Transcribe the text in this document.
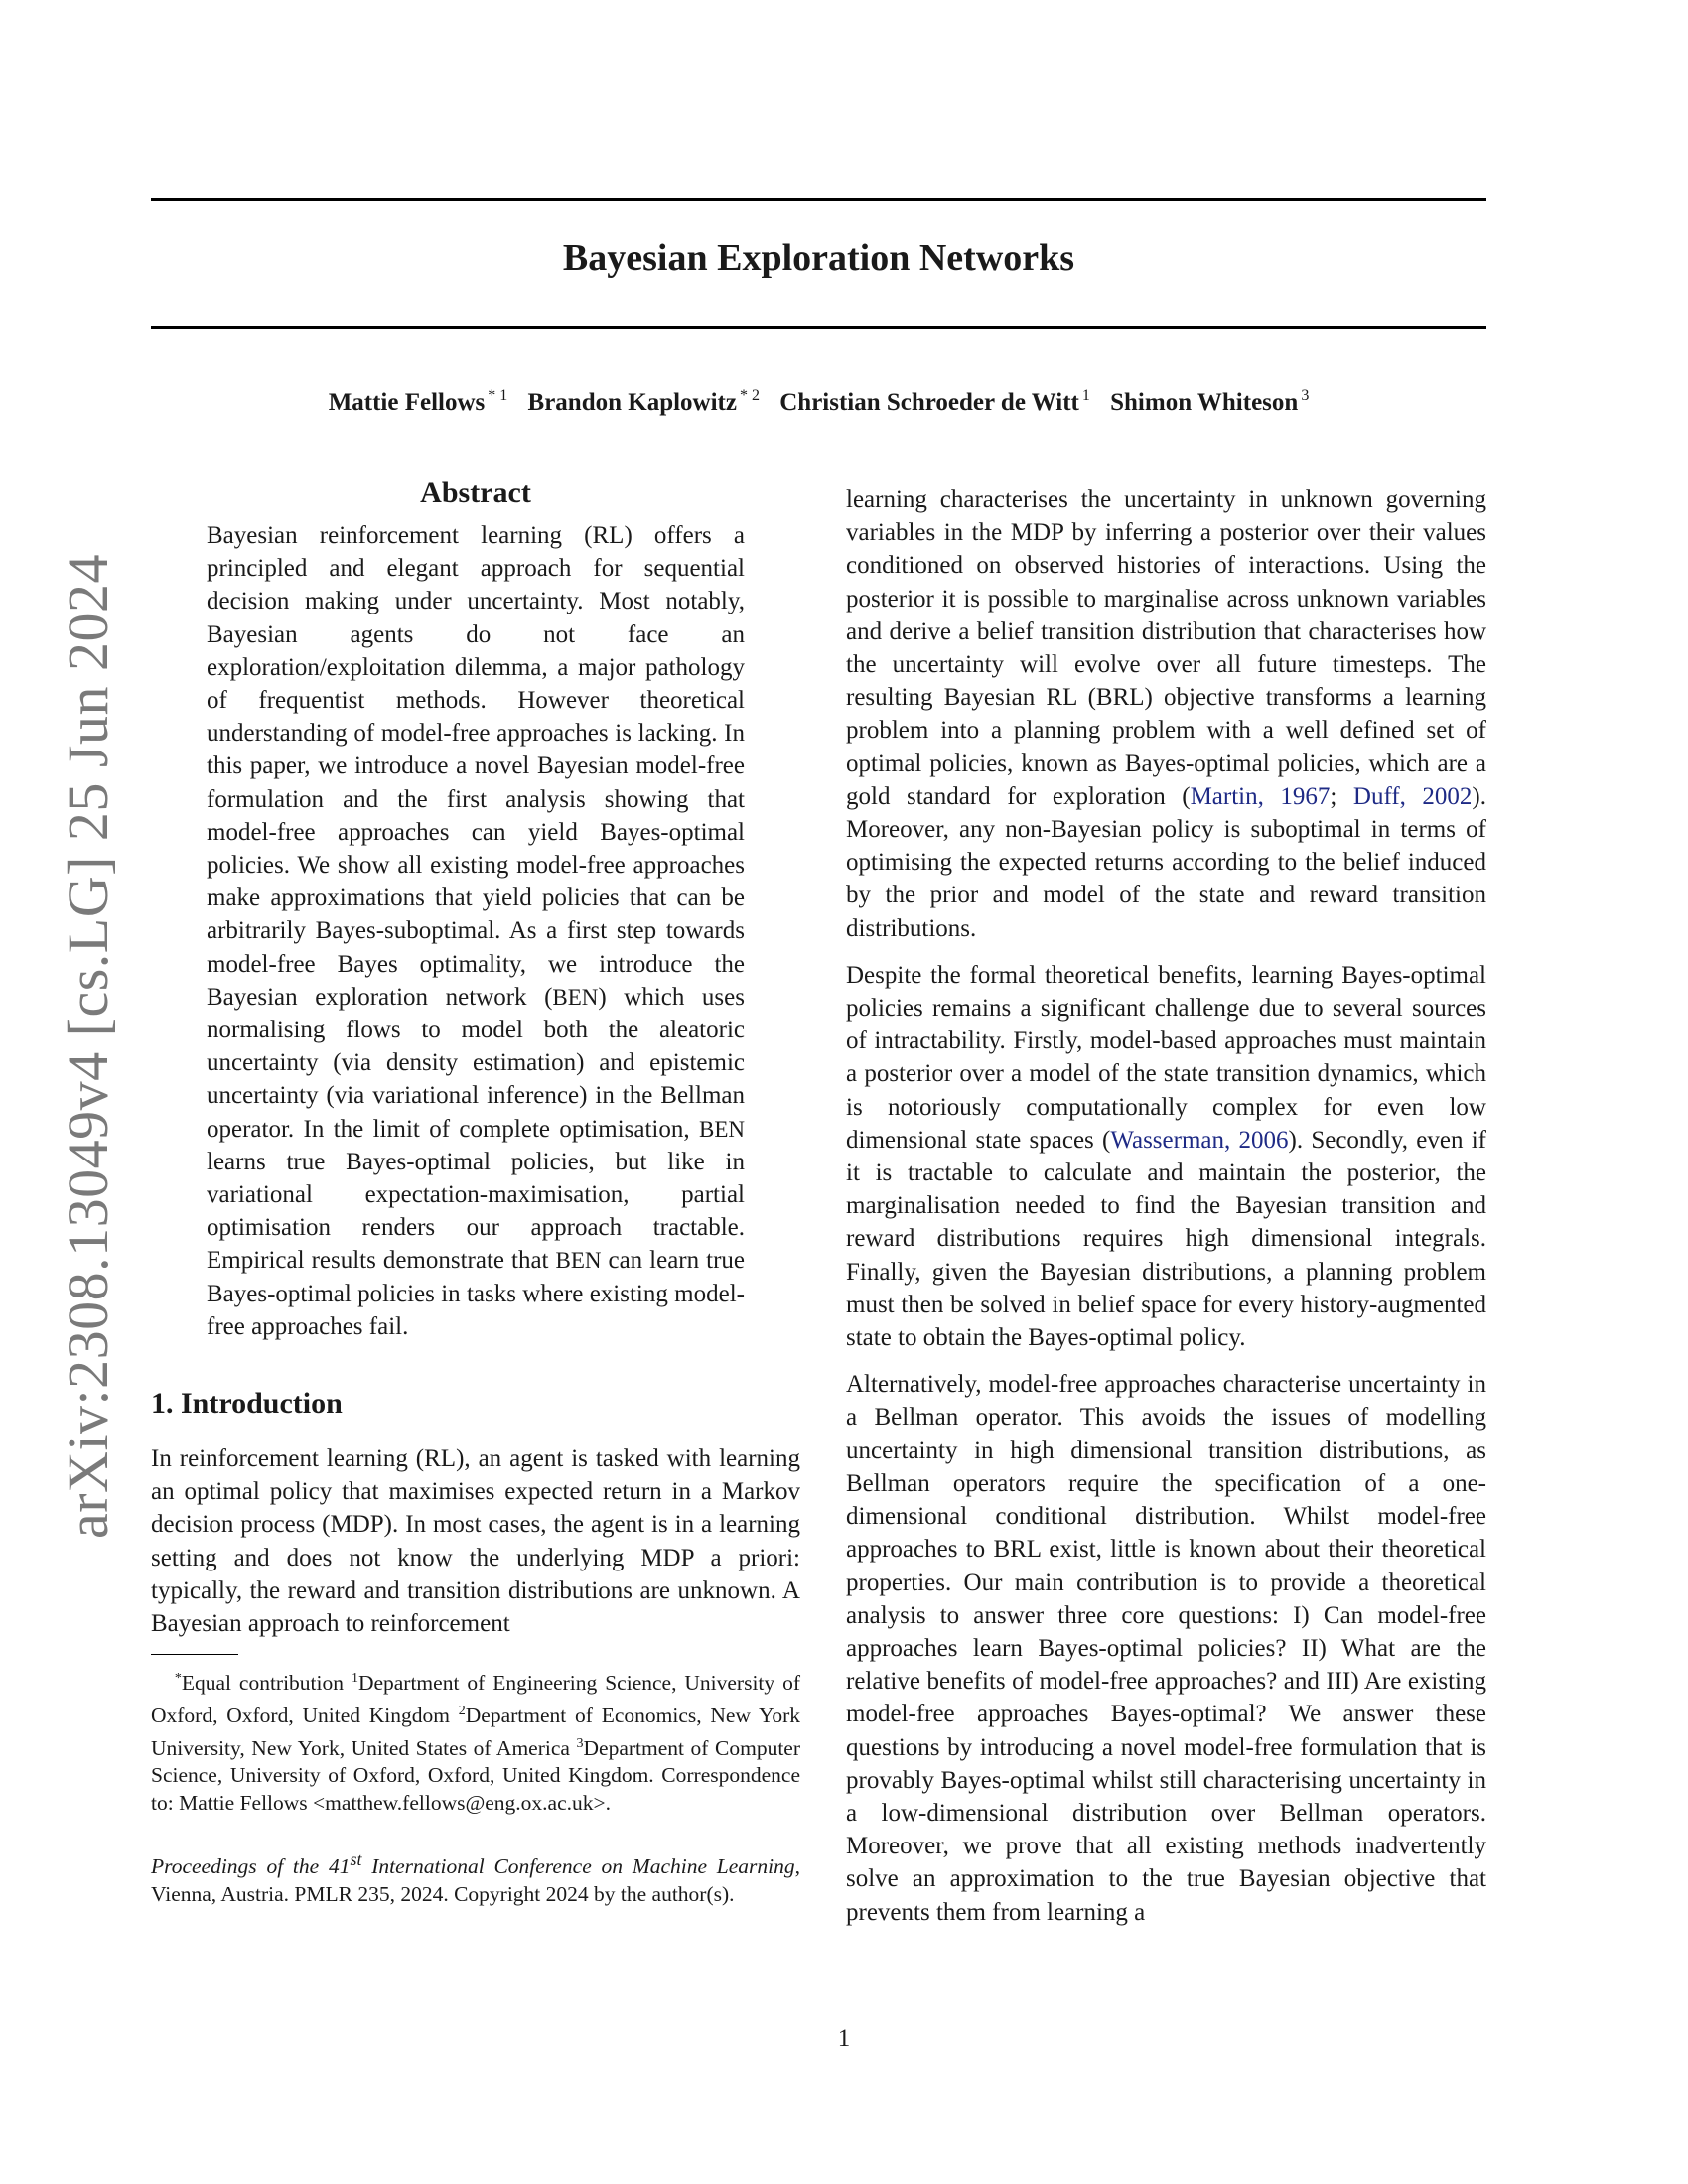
Bayesian Exploration Networks
Mattie Fellows $^{* 1}$ Brandon Kaplowitz $^{* 2}$ Christian Schroeder de Witt $^1$ Shimon Whiteson $^3$
arXiv:2308.13049v4 [cs.LG] 25 Jun 2024
Abstract
Bayesian reinforcement learning (RL) offers a principled and elegant approach for sequential decision making under uncertainty. Most notably, Bayesian agents do not face an exploration/exploitation dilemma, a major pathology of frequentist methods. However theoretical understanding of model-free approaches is lacking. In this paper, we introduce a novel Bayesian model-free formulation and the first analysis showing that model-free approaches can yield Bayes-optimal policies. We show all existing model-free approaches make approximations that yield policies that can be arbitrarily Bayes-suboptimal. As a first step towards model-free Bayes optimality, we introduce the Bayesian exploration network (BEN) which uses normalising flows to model both the aleatoric uncertainty (via density estimation) and epistemic uncertainty (via variational inference) in the Bellman operator. In the limit of complete optimisation, BEN learns true Bayes-optimal policies, but like in variational expectation-maximisation, partial optimisation renders our approach tractable. Empirical results demonstrate that BEN can learn true Bayes-optimal policies in tasks where existing model-free approaches fail.
1. Introduction

In reinforcement learning (RL), an agent is tasked with learning an optimal policy that maximises expected return in a Markov decision process (MDP). In most cases, the agent is in a learning setting and does not know the underlying MDP a priori: typically, the reward and transition distributions are unknown. A Bayesian approach to reinforcement

*Equal contribution $^1$Department of Engineering Science, University of Oxford, Oxford, United Kingdom $^2$Department of Economics, New York University, New York, United States of America $^3$Department of Computer Science, University of Oxford, Oxford, United Kingdom. Correspondence to: Mattie Fellows <matthew.fellows@eng.ox.ac.uk>.
Proceedings of the 41st International Conference on Machine Learning, Vienna, Austria. PMLR 235, 2024. Copyright 2024 by the author(s).

learning characterises the uncertainty in unknown governing variables in the MDP by inferring a posterior over their values conditioned on observed histories of interactions. Using the posterior it is possible to marginalise across unknown variables and derive a belief transition distribution that characterises how the uncertainty will evolve over all future timesteps. The resulting Bayesian RL (BRL) objective transforms a learning problem into a planning problem with a well defined set of optimal policies, known as Bayes-optimal policies, which are a gold standard for exploration (Martin, 1967; Duff, 2002). Moreover, any non-Bayesian policy is suboptimal in terms of optimising the expected returns according to the belief induced by the prior and model of the state and reward transition distributions.

Despite the formal theoretical benefits, learning Bayes-optimal policies remains a significant challenge due to several sources of intractability. Firstly, model-based approaches must maintain a posterior over a model of the state transition dynamics, which is notoriously computationally complex for even low dimensional state spaces (Wasserman, 2006). Secondly, even if it is tractable to calculate and maintain the posterior, the marginalisation needed to find the Bayesian transition and reward distributions requires high dimensional integrals. Finally, given the Bayesian distributions, a planning problem must then be solved in belief space for every history-augmented state to obtain the Bayes-optimal policy.

Alternatively, model-free approaches characterise uncertainty in a Bellman operator. This avoids the issues of modelling uncertainty in high dimensional transition distributions, as Bellman operators require the specification of a one-dimensional conditional distribution. Whilst model-free approaches to BRL exist, little is known about their theoretical properties. Our main contribution is to provide a theoretical analysis to answer three core questions: I) Can model-free approaches learn Bayes-optimal policies? II) What are the relative benefits of model-free approaches? and III) Are existing model-free approaches Bayes-optimal? We answer these questions by introducing a novel model-free formulation that is provably Bayes-optimal whilst still characterising uncertainty in a low-dimensional distribution over Bellman operators. Moreover, we prove that all existing methods inadvertently solve an approximation to the true Bayesian objective that prevents them from learning a

1
